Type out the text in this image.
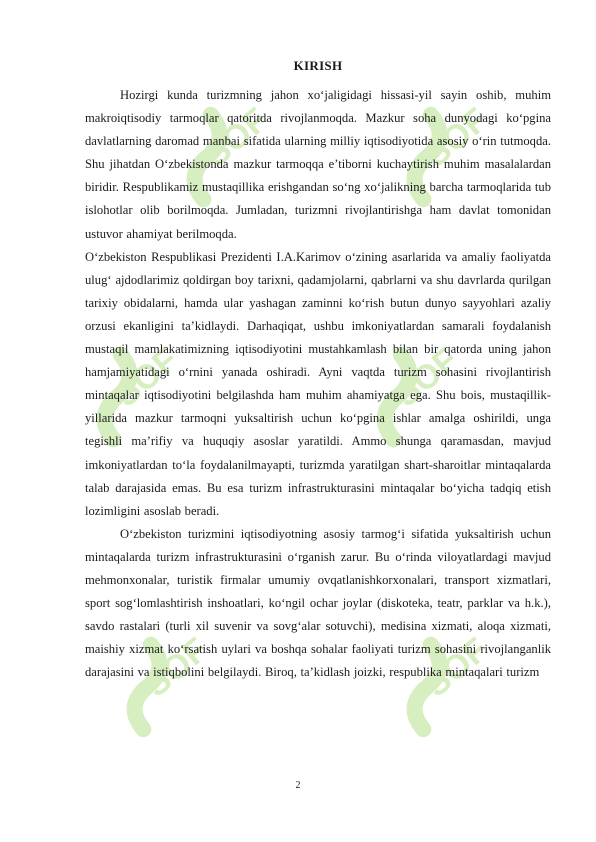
SOF	SOF
SOF	SOF
SOF	SOF
KIRISH

Hozirgi kunda turizmning jahon xo‘jaligidagi hissasi-yil sayin oshib, muhim makroiqtisodiy tarmoqlar qatoritda rivojlanmoqda. Mazkur soha dunyodagi ko‘pgina davlatlarning daromad manbai sifatida ularning milliy iqtisodiyotida asosiy o‘rin tutmoqda. Shu jihatdan O‘zbekistonda mazkur tarmoqqa e’tiborni kuchaytirish muhim masalalardan biridir. Respublikamiz mustaqillika erishgandan so‘ng xo‘jalikning barcha tarmoqlarida tub islohotlar olib borilmoqda. Jumladan, turizmni rivojlantirishga ham davlat tomonidan ustuvor ahamiyat berilmoqda.

O‘zbekiston Respublikasi Prezidenti I.A.Karimov o‘zining asarlarida va amaliy faoliyatda ulug‘ ajdodlarimiz qoldirgan boy tarixni, qadamjolarni, qabrlarni va shu davrlarda qurilgan tarixiy obidalarni, hamda ular yashagan zaminni ko‘rish butun dunyo sayyohlari azaliy orzusi ekanligini ta’kidlaydi. Darhaqiqat, ushbu imkoniyatlardan samarali foydalanish mustaqil mamlakatimizning iqtisodiyotini mustahkamlash bilan bir qatorda uning jahon hamjamiyatidagi o‘rnini yanada oshiradi. Ayni vaqtda turizm sohasini rivojlantirish mintaqalar iqtisodiyotini belgilashda ham muhim ahamiyatga ega. Shu bois, mustaqillik-yillarida mazkur tarmoqni yuksaltirish uchun ko‘pgina ishlar amalga oshirildi, unga tegishli ma’rifiy va huquqiy asoslar yaratildi. Ammo shunga qaramasdan, mavjud imkoniyatlardan to‘la foydalanilmayapti, turizmda yaratilgan shart-sharoitlar mintaqalarda talab darajasida emas. Bu esa turizm infrastrukturasini mintaqalar bo‘yicha tadqiq etish lozimligini asoslab beradi.

O‘zbekiston turizmini iqtisodiyotning asosiy tarmog‘i sifatida yuksaltirish uchun mintaqalarda turizm infrastrukturasini o‘rganish zarur. Bu o‘rinda viloyatlardagi mavjud mehmonxonalar, turistik firmalar umumiy ovqatlanishkorxonalari, transport xizmatlari, sport sog‘lomlashtirish inshoatlari, ko‘ngil ochar joylar (diskoteka, teatr, parklar va h.k.), savdo rastalari (turli xil suvenir va sovg‘alar sotuvchi), medisina xizmati, aloqa xizmati, maishiy xizmat ko‘rsatish uylari va boshqa sohalar faoliyati turizm sohasini rivojlanganlik darajasini va istiqbolini belgilaydi. Biroq, ta’kidlash joizki, respublika mintaqalari turizm

2
